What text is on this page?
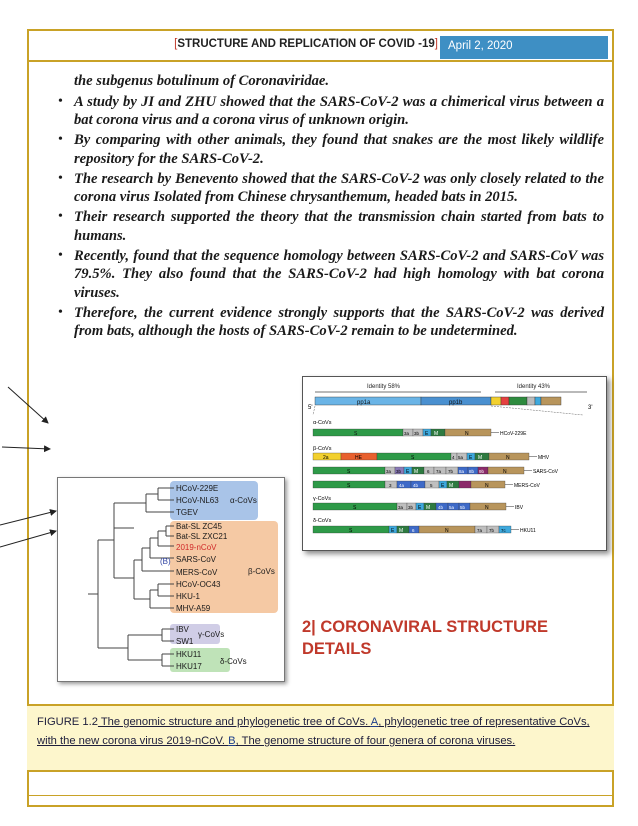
[STRUCTURE AND REPLICATION OF COVID -19] April 2, 2020

the subgenus botulinum of Coronaviridae.

• A study by JI and ZHU showed that the SARS-CoV-2 was a chimerical virus between a bat corona virus and a corona virus of unknown origin.
• By comparing with other animals, they found that snakes are the most likely wildlife repository for the SARS-CoV-2.
• The research by Benevento showed that the SARS-CoV-2 was only closely related to the corona virus Isolated from Chinese chrysanthemum, headed bats in 2015.
• Their research supported the theory that the transmission chain started from bats to humans.
• Recently, found that the sequence homology between SARS-CoV-2 and SARS-CoV was 79.5%. They also found that the SARS-CoV-2 had high homology with bat corona viruses.
• Therefore, the current evidence strongly supports that the SARS-CoV-2 was derived from bats, although the hosts of SARS-CoV-2 remain to be undetermined.
Identity 58%	Identity 43%
5'
pp1a	pp1b
3'
α-CoVs
S	3a 3b E M	N	HCoV-229E
β-CoVs
2a	HE	S	4 5a E M	N	MHV
S	3a 3b E M 6 7a 7b 8a 8b 9b	N	SARS-CoV
S	3 4a 4b	5 E M	N	MERS-CoV
γ-CoVs
S	3a 3b E M 4b 5a 5b	N	IBV
δ-CoVs
S	E M 6	N	7a 7b 7c	HKU11
HCoV-229E
HCoV-NL63
TGEV
Bat-SL ZC45
Bat-SL ZXC21
2019-nCoV
SARS-CoV
MERS-CoV
HCoV-OC43
HKU-1
MHV-A59
IBV
SW1
HKU11
HKU17
(B)
α-CoVs
β-CoVs
γ-CoVs
δ-CoVs
2| CORONAVIRAL STRUCTURE
DETAILS
FIGURE 1.2 The genomic structure and phylogenetic tree of CoVs. A, phylogenetic tree of representative CoVs, with the new corona virus 2019-nCoV. B, The genome structure of four genera of corona viruses.
